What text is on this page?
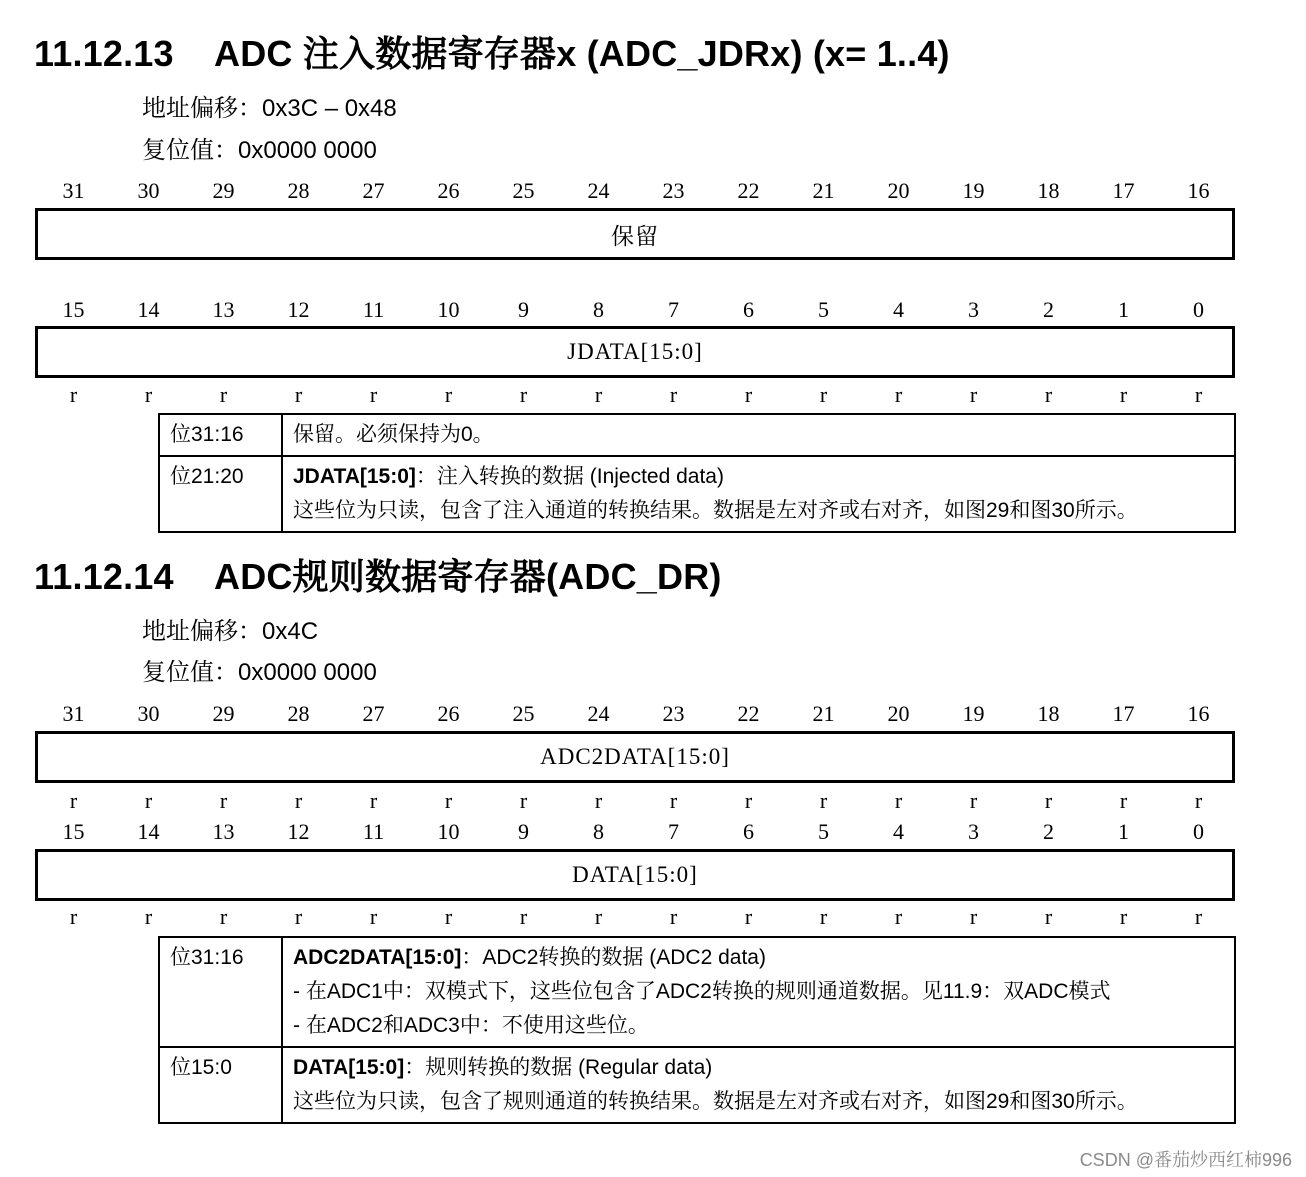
11.12.13 ADC 注入数据寄存器x (ADC_JDRx) (x= 1..4)
地址偏移：0x3C – 0x48
复位值：0x0000 0000
31	30	29	28	27	26	25	24	23	22	21	20	19	18	17	16
保留
15	14	13	12	11	10	9	8	7	6	5	4	3	2	1	0
JDATA[15:0]
r	r	r	r	r	r	r	r	r	r	r	r	r	r	r	r
位31:16	保留。必须保持为0。

位21:20	JDATA[15:0]：注入转换的数据 (Injected data)
这些位为只读，包含了注入通道的转换结果。数据是左对齐或右对齐，如图29和图30所示。
11.12.14 ADC规则数据寄存器(ADC_DR)
地址偏移：0x4C
复位值：0x0000 0000
31	30	29	28	27	26	25	24	23	22	21	20	19	18	17	16
ADC2DATA[15:0]
r	r	r	r	r	r	r	r	r	r	r	r	r	r	r	r
15	14	13	12	11	10	9	8	7	6	5	4	3	2	1	0
DATA[15:0]
r	r	r	r	r	r	r	r	r	r	r	r	r	r	r	r
位31:16	ADC2DATA[15:0]：ADC2转换的数据 (ADC2 data)
- 在ADC1中：双模式下，这些位包含了ADC2转换的规则通道数据。见11.9：双ADC模式
- 在ADC2和ADC3中：不使用这些位。

位15:0	DATA[15:0]：规则转换的数据 (Regular data)
这些位为只读，包含了规则通道的转换结果。数据是左对齐或右对齐，如图29和图30所示。
CSDN @番茄炒西红柿996
